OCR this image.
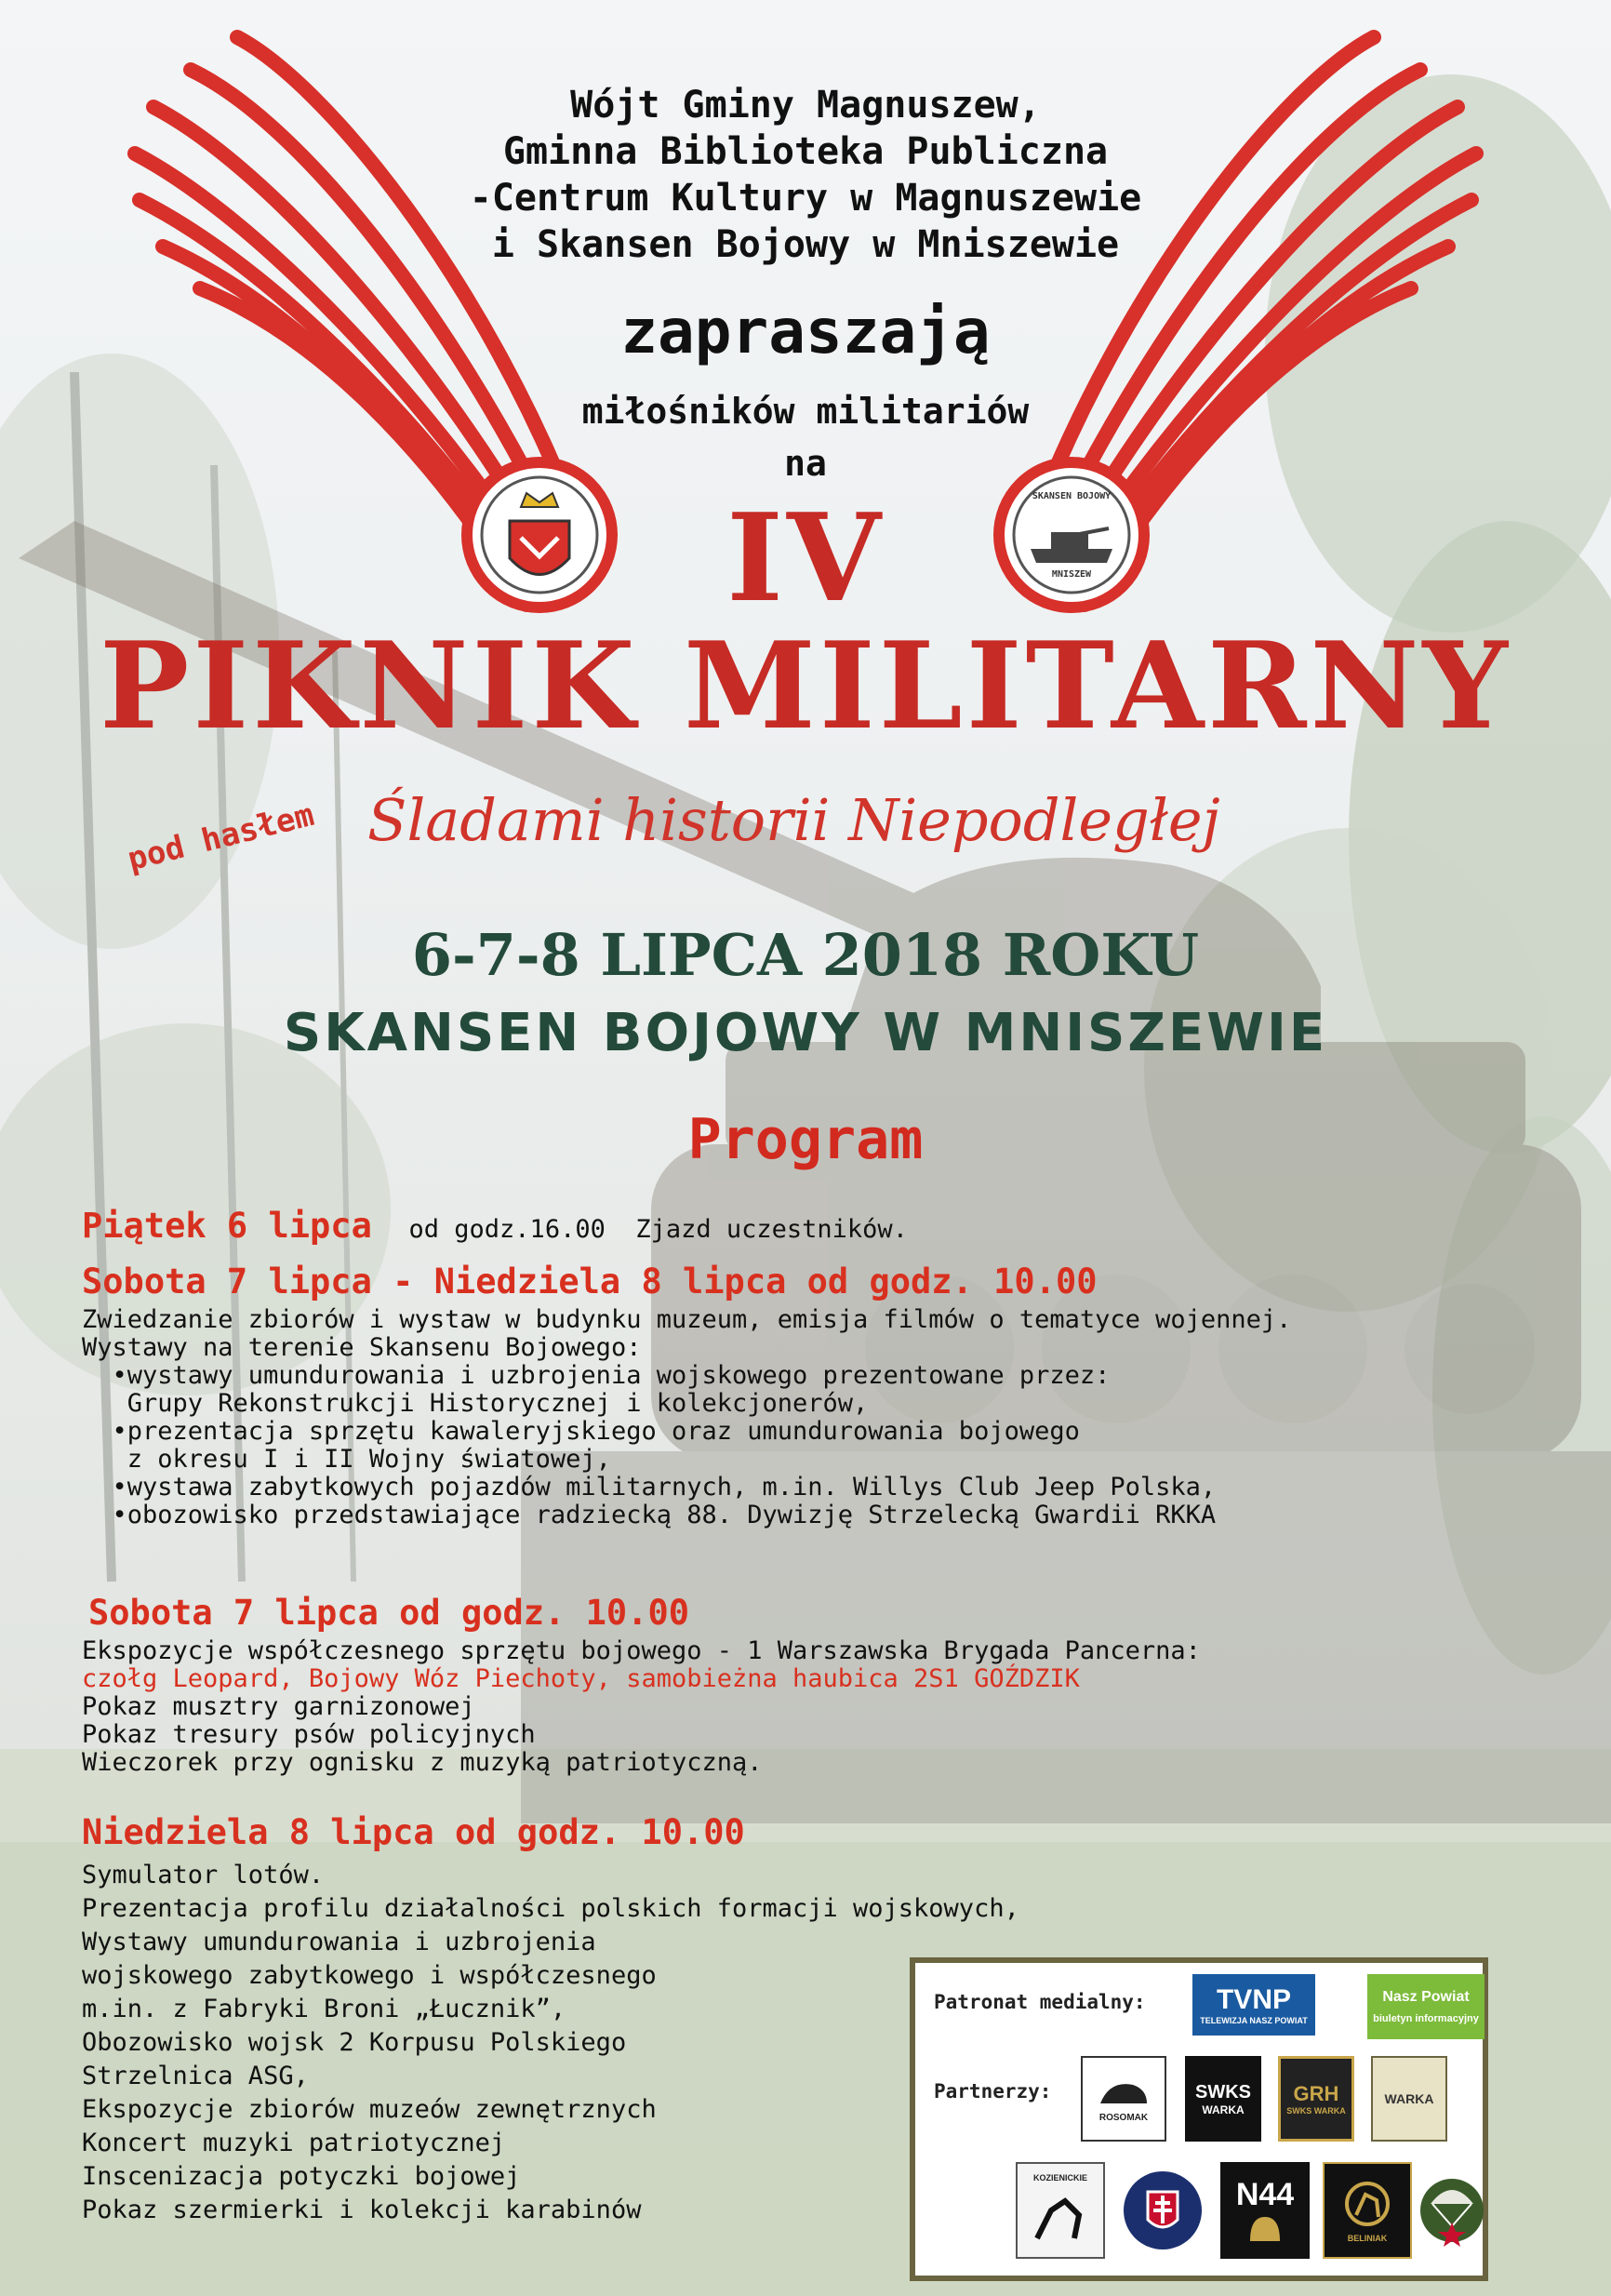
SKANSEN BOJOWY
MNISZEW
Wójt Gminy Magnuszew,
Gminna Biblioteka Publiczna
-Centrum Kultury w Magnuszewie
i Skansen Bojowy w Mniszewie
zapraszają
miłośników militariów
na
IV
PIKNIK MILITARNY
pod hasłem Śladami historii Niepodległej
6-7-8 LIPCA 2018 ROKU
SKANSEN BOJOWY W MNISZEWIE
Program
Piątek 6 lipca od godz.16.00  Zjazd uczestników.
Sobota 7 lipca - Niedziela 8 lipca od godz. 10.00
Zwiedzanie zbiorów i wystaw w budynku muzeum, emisja filmów o tematyce wojennej.
Wystawy na terenie Skansenu Bojowego:
•wystawy umundurowania i uzbrojenia wojskowego prezentowane przez:
Grupy Rekonstrukcji Historycznej i kolekcjonerów,
•prezentacja sprzętu kawaleryjskiego oraz umundurowania bojowego
z okresu I i II Wojny światowej,
•wystawa zabytkowych pojazdów militarnych, m.in. Willys Club Jeep Polska,
•obozowisko przedstawiające radziecką 88. Dywizję Strzelecką Gwardii RKKA
Sobota 7 lipca od godz. 10.00
Ekspozycje współczesnego sprzętu bojowego - 1 Warszawska Brygada Pancerna:
czołg Leopard, Bojowy Wóz Piechoty, samobieżna haubica 2S1 GOŹDZIK
Pokaz musztry garnizonowej
Pokaz tresury psów policyjnych
Wieczorek przy ognisku z muzyką patriotyczną.
Niedziela 8 lipca od godz. 10.00
Symulator lotów.
Prezentacja profilu działalności polskich formacji wojskowych,
Wystawy umundurowania i uzbrojenia
wojskowego zabytkowego i współczesnego
m.in. z Fabryki Broni „Łucznik”,
Obozowisko wojsk 2 Korpusu Polskiego
Strzelnica ASG,
Ekspozycje zbiorów muzeów zewnętrznych
Koncert muzyki patriotycznej
Inscenizacja potyczki bojowej
Pokaz szermierki i kolekcji karabinów
Patronat medialny:	TVNP
TELEWIZJA NASZ POWIAT
Nasz Powiat
biuletyn informacyjny
Partnerzy:
ROSOMAK
SWKS
WARKA
GRH
SWKS WARKA
WARKA
KOZIENICKIE	N44
BELINIAK
